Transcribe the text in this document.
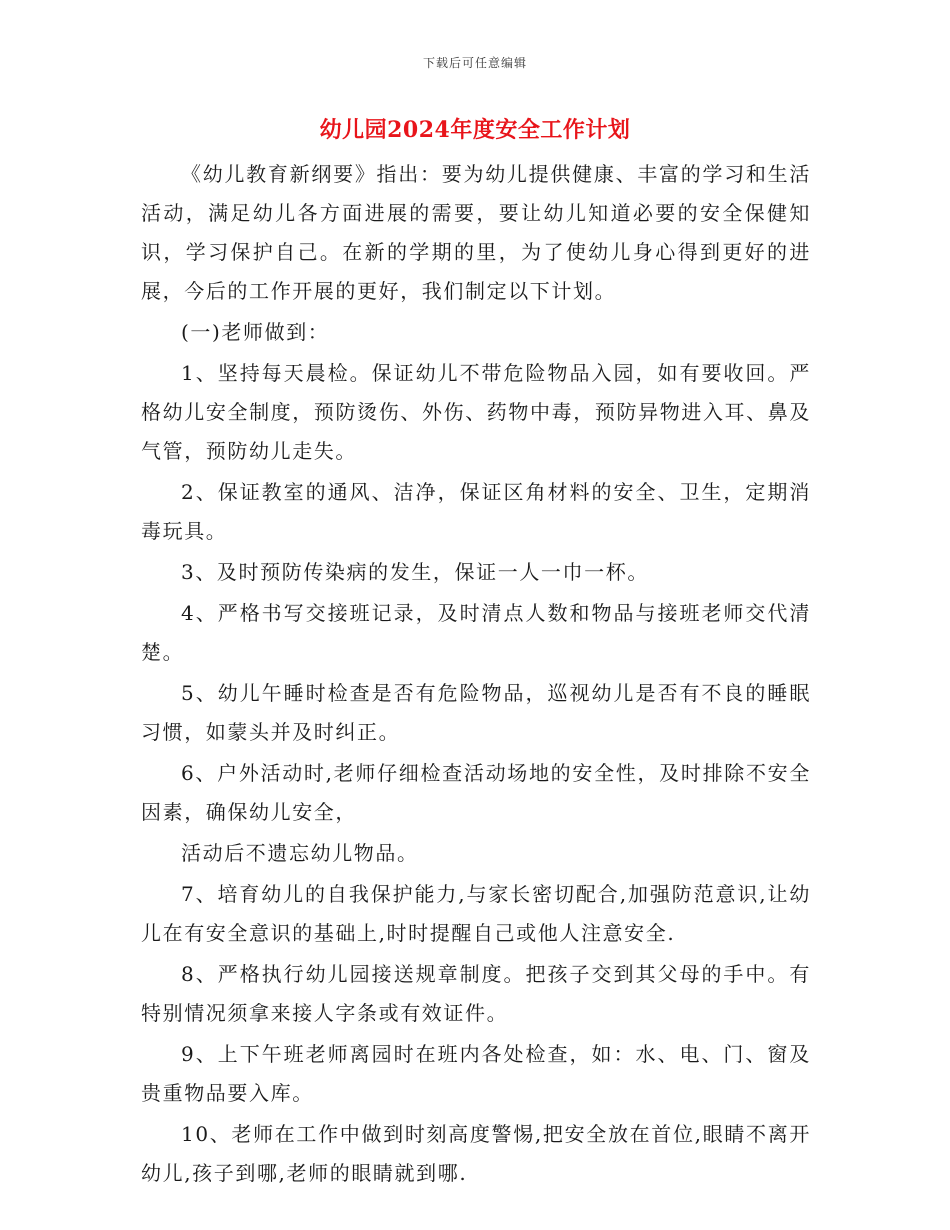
下载后可任意编辑
幼儿园2024年度安全工作计划

《幼儿教育新纲要》指出：要为幼儿提供健康、丰富的学习和生活活动，满足幼儿各方面进展的需要，要让幼儿知道必要的安全保健知识，学习保护自己。在新的学期的里，为了使幼儿身心得到更好的进展，今后的工作开展的更好，我们制定以下计划。

(一)老师做到：

1、坚持每天晨检。保证幼儿不带危险物品入园，如有要收回。严格幼儿安全制度，预防烫伤、外伤、药物中毒，预防异物进入耳、鼻及气管，预防幼儿走失。

2、保证教室的通风、洁净，保证区角材料的安全、卫生，定期消毒玩具。

3、及时预防传染病的发生，保证一人一巾一杯。

4、严格书写交接班记录，及时清点人数和物品与接班老师交代清楚。

5、幼儿午睡时检查是否有危险物品，巡视幼儿是否有不良的睡眠习惯，如蒙头并及时纠正。

6、户外活动时,老师仔细检查活动场地的安全性，及时排除不安全因素，确保幼儿安全，

活动后不遗忘幼儿物品。

7、培育幼儿的自我保护能力,与家长密切配合,加强防范意识,让幼儿在有安全意识的基础上,时时提醒自己或他人注意安全.

8、严格执行幼儿园接送规章制度。把孩子交到其父母的手中。有特别情况须拿来接人字条或有效证件。

9、上下午班老师离园时在班内各处检查，如：水、电、门、窗及贵重物品要入库。

10、老师在工作中做到时刻高度警惕,把安全放在首位,眼睛不离开幼儿,孩子到哪,老师的眼睛就到哪.
